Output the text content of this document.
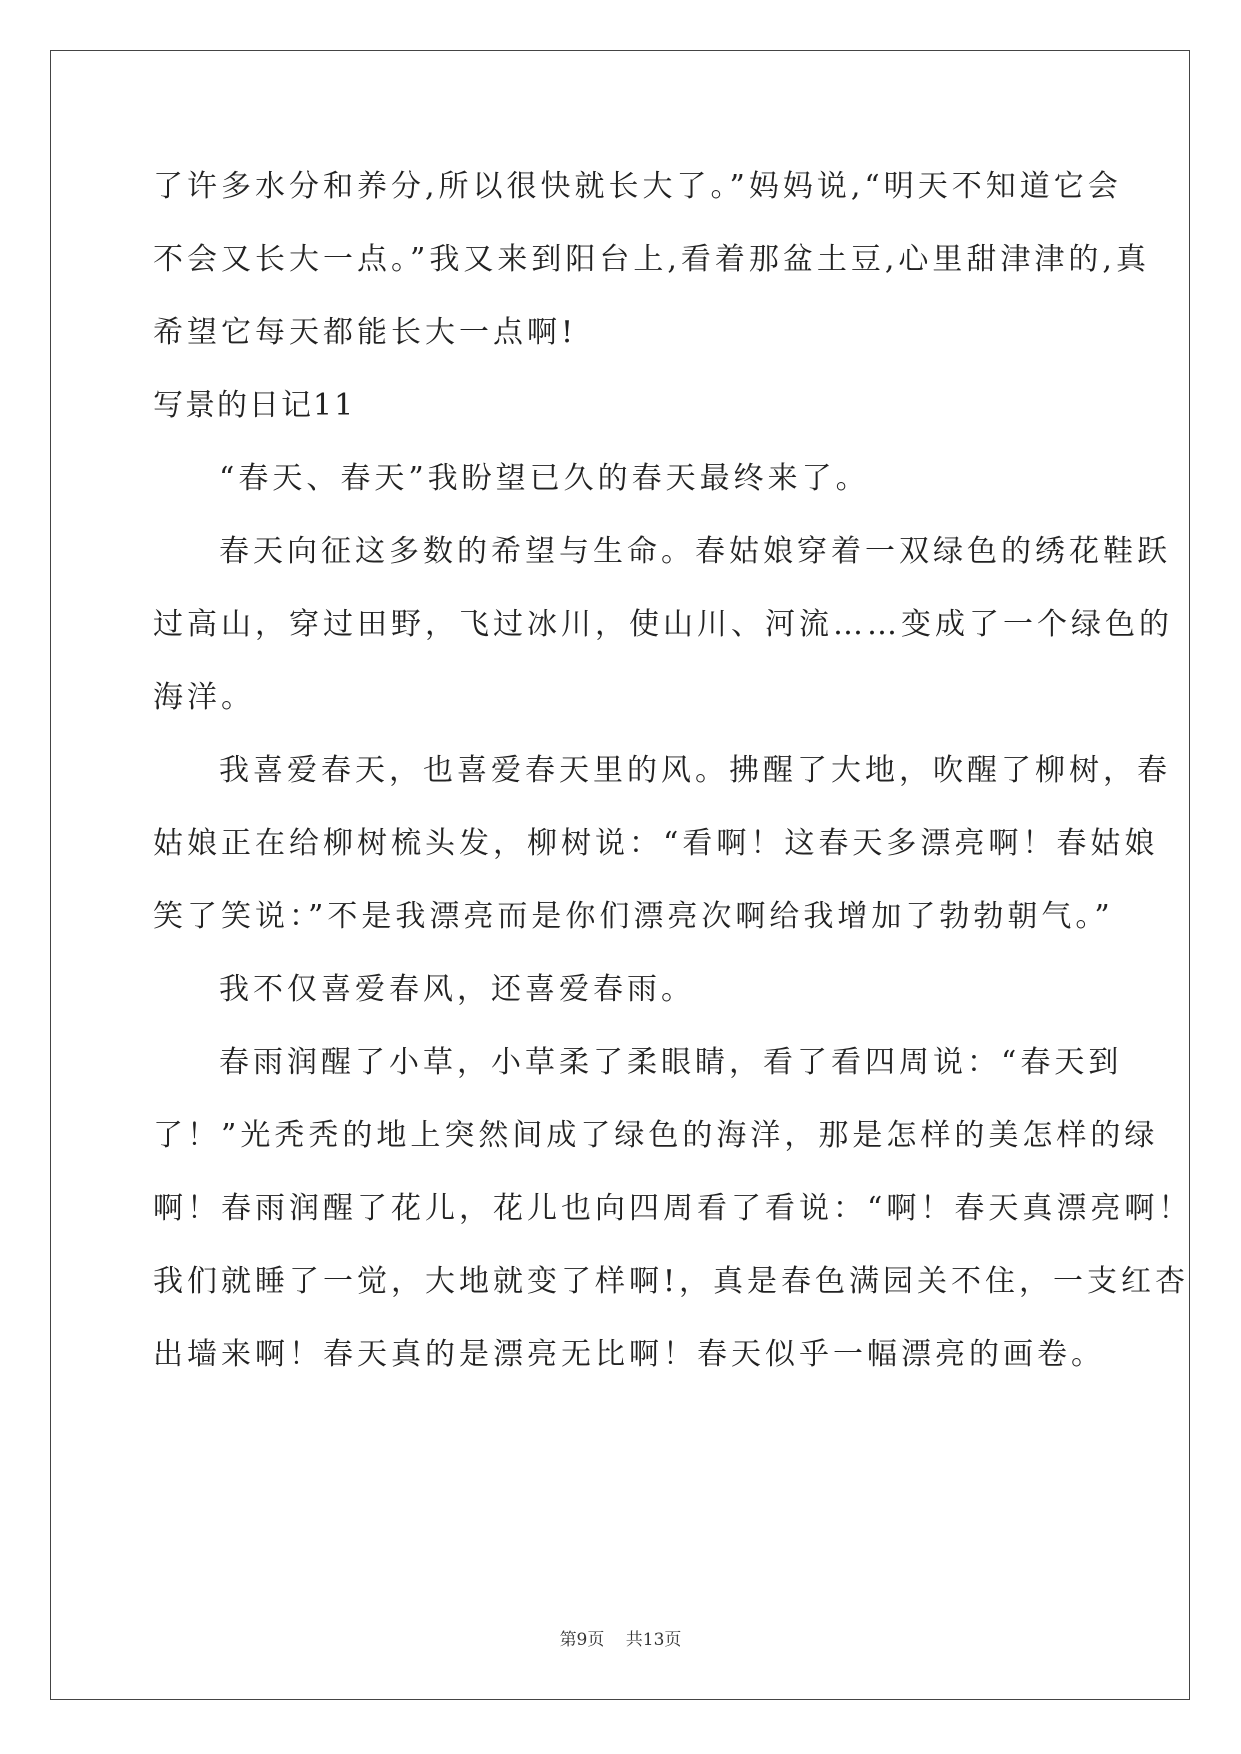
了许多水分和养分,所以很快就长大了。”妈妈说,“明天不知道它会
不会又长大一点。”我又来到阳台上,看着那盆土豆,心里甜津津的,真
希望它每天都能长大一点啊!
写景的日记11
“春天、春天”我盼望已久的春天最终来了。
春天向征这多数的希望与生命。春姑娘穿着一双绿色的绣花鞋跃
过高山，穿过田野，飞过冰川，使山川、河流……变成了一个绿色的
海洋。
我喜爱春天，也喜爱春天里的风。拂醒了大地，吹醒了柳树，春
姑娘正在给柳树梳头发，柳树说：“看啊！这春天多漂亮啊！春姑娘
笑了笑说：”不是我漂亮而是你们漂亮次啊给我增加了勃勃朝气。”
我不仅喜爱春风，还喜爱春雨。
春雨润醒了小草，小草柔了柔眼睛，看了看四周说：“春天到
了！”光秃秃的地上突然间成了绿色的海洋，那是怎样的美怎样的绿
啊！春雨润醒了花儿，花儿也向四周看了看说：“啊！春天真漂亮啊！
我们就睡了一觉，大地就变了样啊!，真是春色满园关不住，一支红杏
出墙来啊！春天真的是漂亮无比啊！春天似乎一幅漂亮的画卷。
第9页 共13页
